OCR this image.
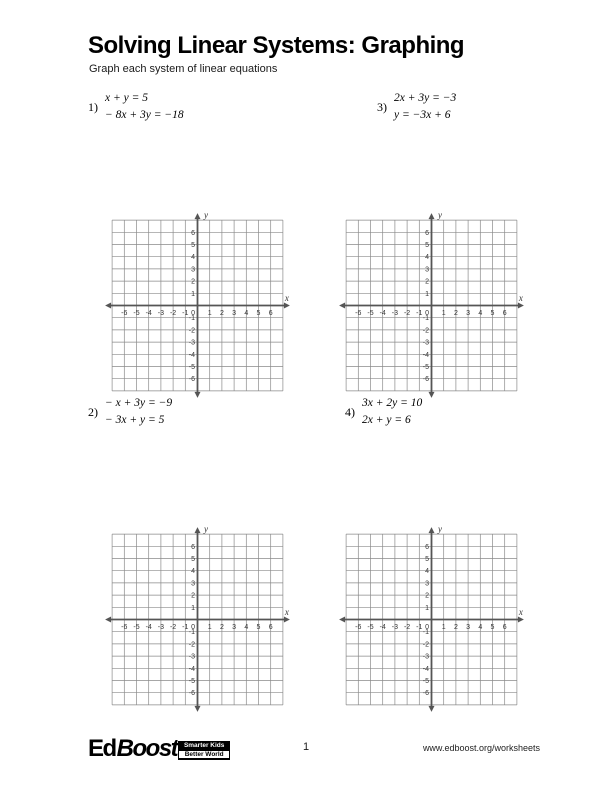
Solving Linear Systems: Graphing
Graph each system of linear equations
1)
x + y = 5
− 8x + 3y = −18
3)
2x + 3y = −3
y = −3x + 6
2)
− x + 3y = −9
− 3x + y = 5
4)
3x + 2y = 10
2x + y = 6
-6
-6
-5
-5
-4
-4
-3
-3
-2
-2
-1
-1
0 1
1
2
2
3
3
4
4
5
5
6
6
x
y
-6
-6
-5
-5
-4
-4
-3
-3
-2
-2
-1
-1
0 1
1
2
2
3
3
4
4
5
5
6
6
x
y
-6
-6
-5
-5
-4
-4
-3
-3
-2
-2
-1
-1
0 1
1
2
2
3
3
4
4
5
5
6
6
x
y
-6
-6
-5
-5
-4
-4
-3
-3
-2
-2
-1
-1
0 1
1
2
2
3
3
4
4
5
5
6
6
x
y
Ed Boost	Smarter Kids
Better World
1	www.edboost.org/worksheets
